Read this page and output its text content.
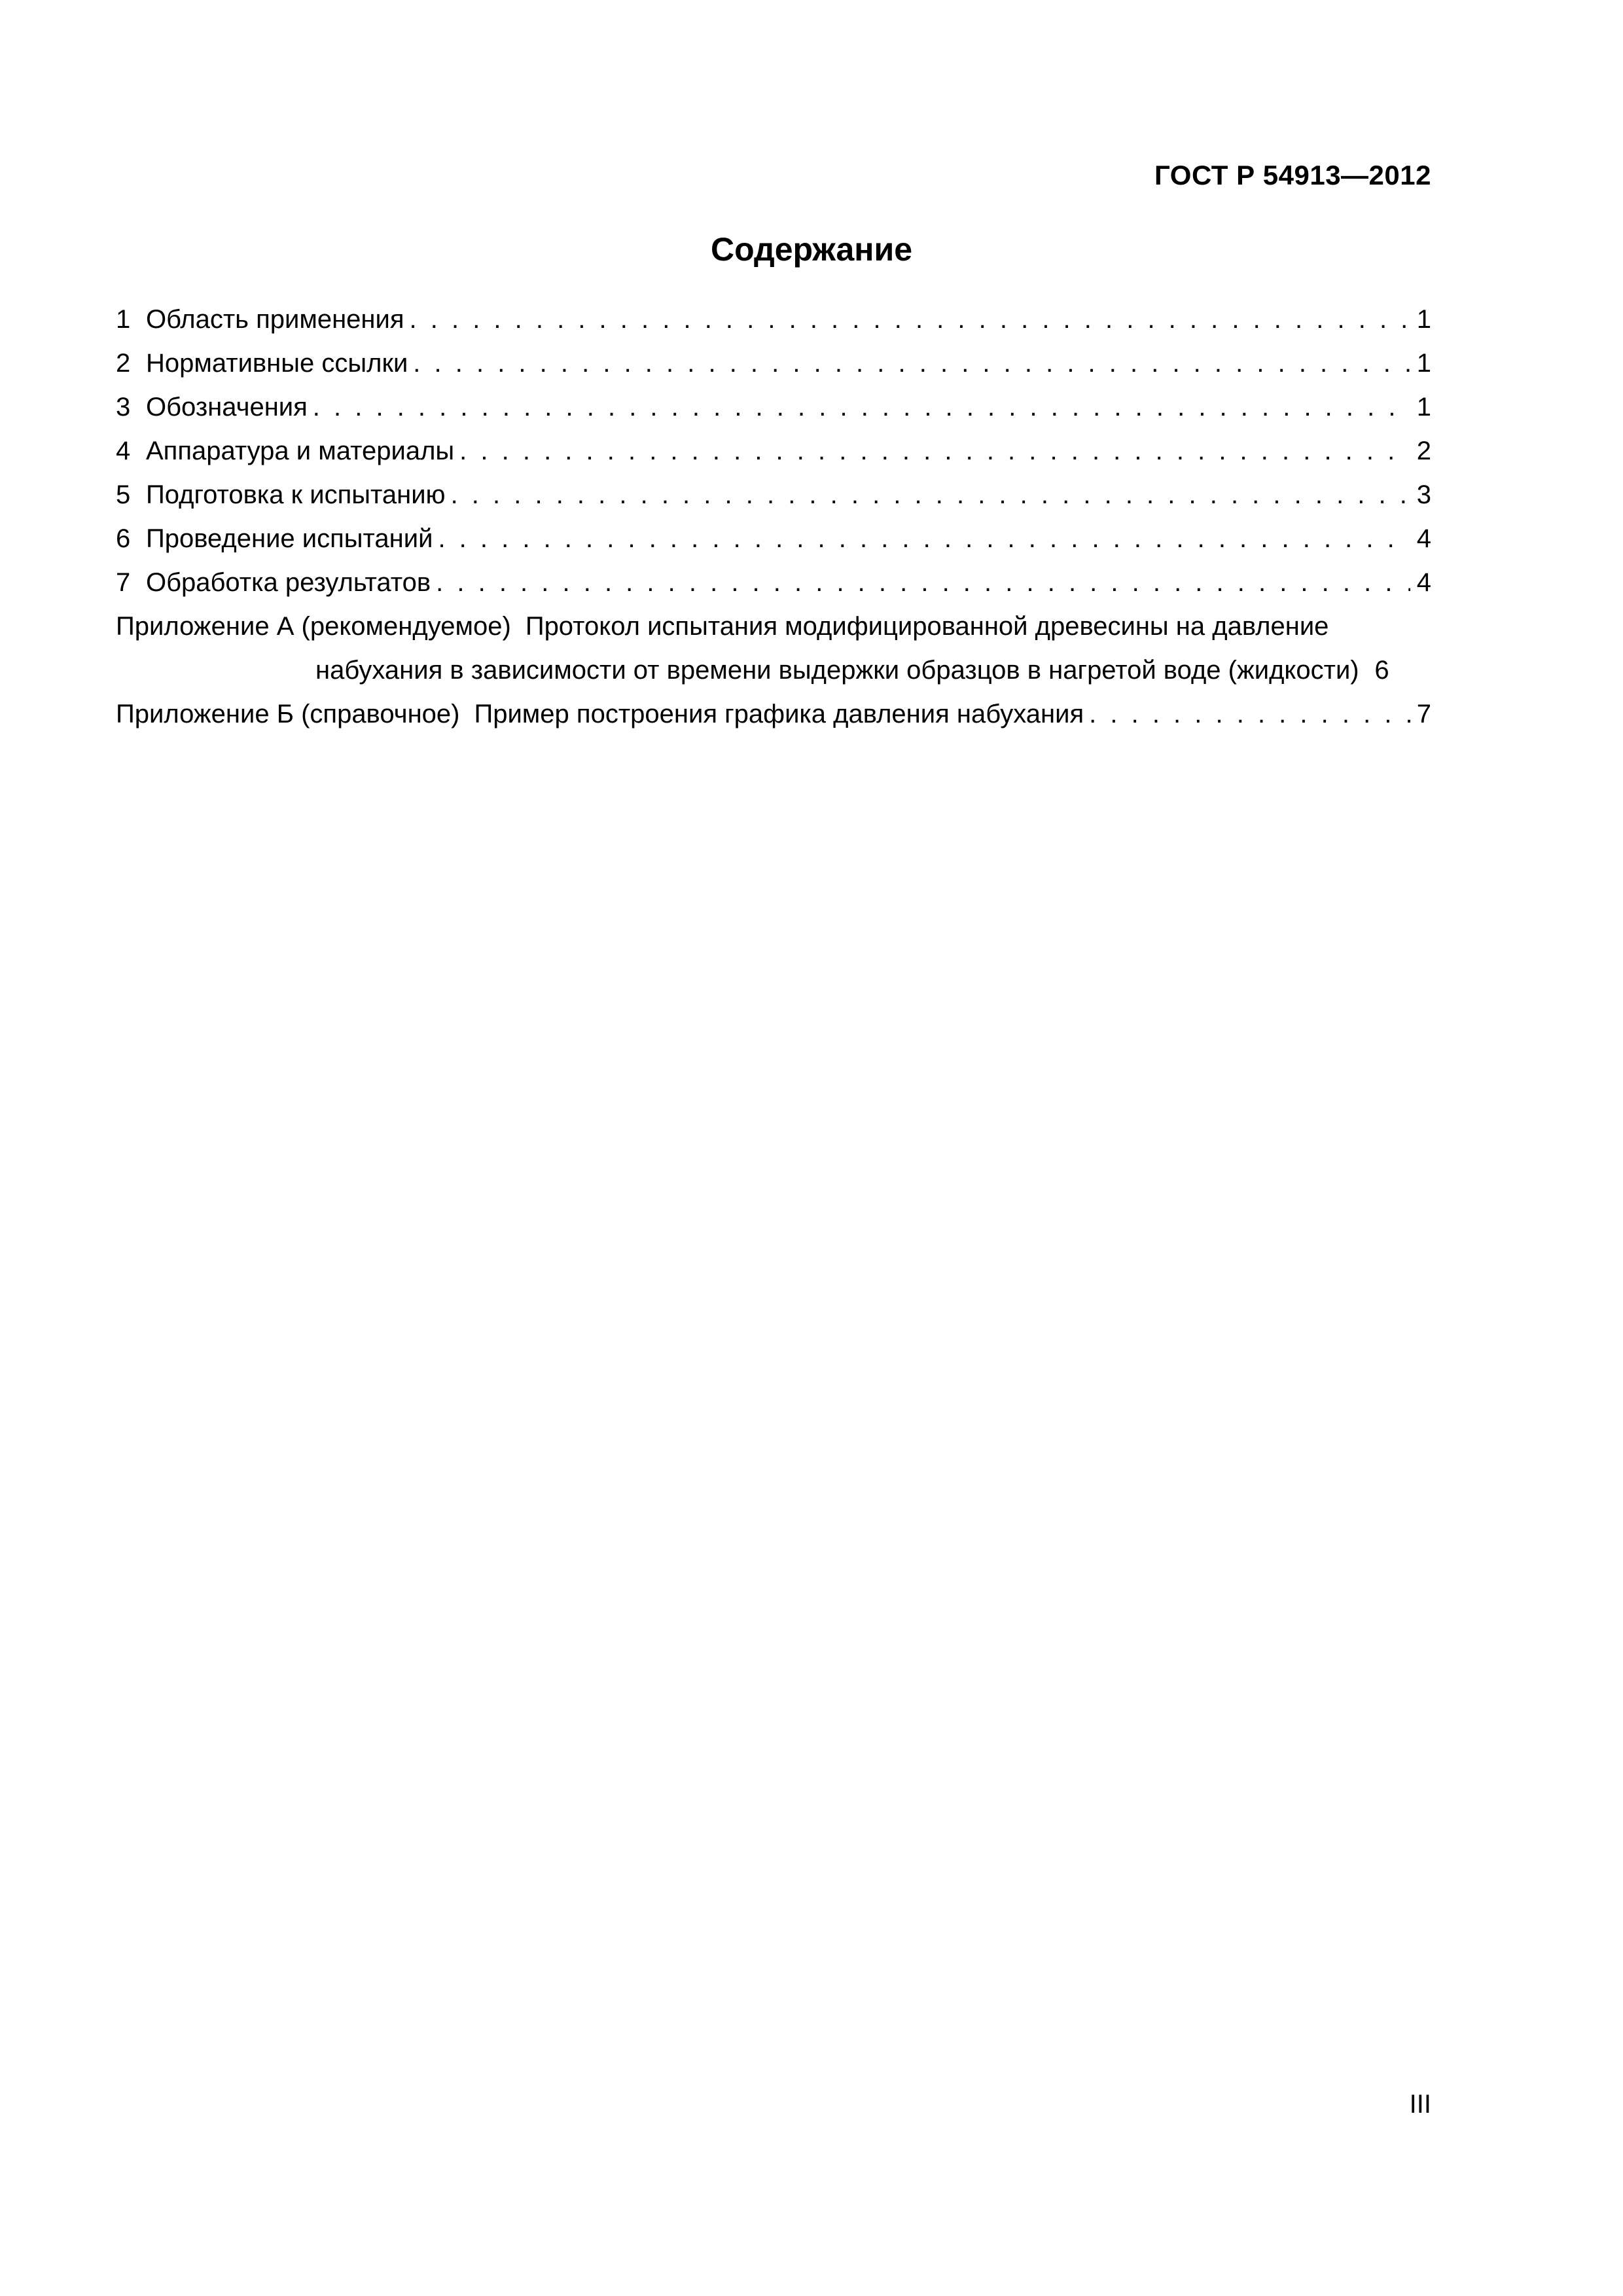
ГОСТ Р 54913—2012
Содержание
1 Область применения . . .	1
2 Нормативные ссылки . . .	1
3 Обозначения . . .	1
4 Аппаратура и материалы . . .	2
5 Подготовка к испытанию . . .	3
6 Проведение испытаний . . .	4
7 Обработка результатов . . .	4
Приложение А (рекомендуемое) Протокол испытания модифицированной древесины на давление
набухания в зависимости от времени выдержки образцов в нагретой воде (жидкости) 6
Приложение Б (справочное) Пример построения графика давления набухания . . .	7
III
